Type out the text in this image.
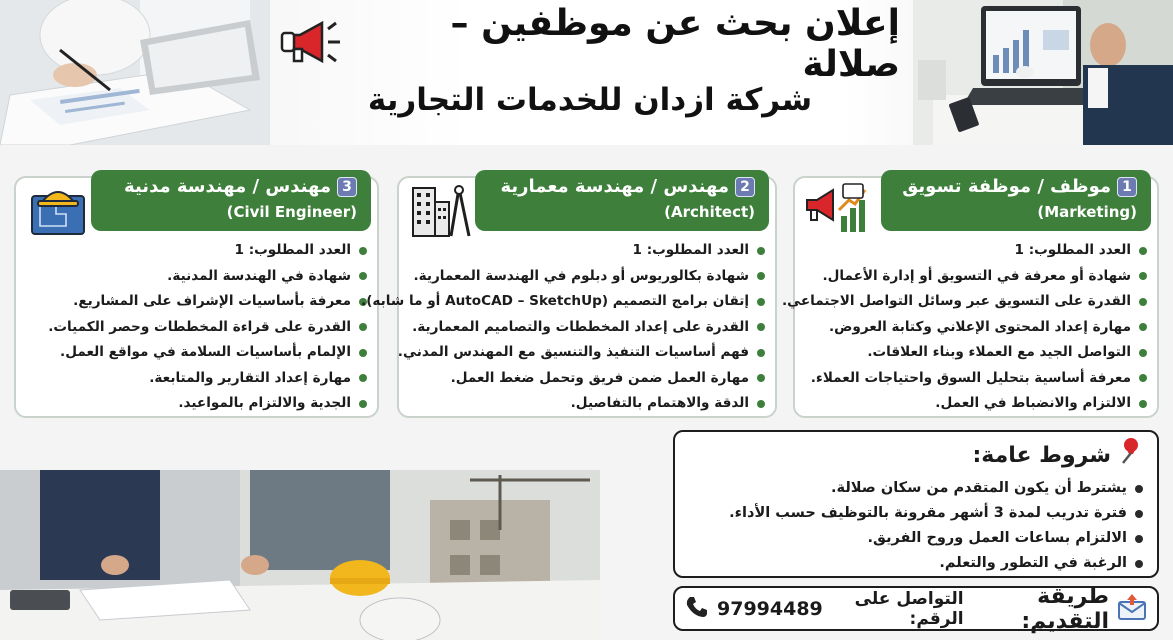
إعلان بحث عن موظفين – صلالة
شركة ازدان للخدمات التجارية
3
مهندس / مهندسة مدنية
(Civil Engineer)
العدد المطلوب: 1
شهادة في الهندسة المدنية.
معرفة بأساسيات الإشراف على المشاريع.
القدرة على قراءة المخططات وحصر الكميات.
الإلمام بأساسيات السلامة في مواقع العمل.
مهارة إعداد التقارير والمتابعة.
الجدية والالتزام بالمواعيد.
2
مهندس / مهندسة معمارية
(Architect)
العدد المطلوب: 1
شهادة بكالوريوس أو دبلوم في الهندسة المعمارية.
إتقان برامج التصميم (AutoCAD – SketchUp أو ما شابه).
القدرة على إعداد المخططات والتصاميم المعمارية.
فهم أساسيات التنفيذ والتنسيق مع المهندس المدني.
مهارة العمل ضمن فريق وتحمل ضغط العمل.
الدقة والاهتمام بالتفاصيل.
1
موظف / موظفة تسويق
(Marketing)
العدد المطلوب: 1
شهادة أو معرفة في التسويق أو إدارة الأعمال.
القدرة على التسويق عبر وسائل التواصل الاجتماعي.
مهارة إعداد المحتوى الإعلاني وكتابة العروض.
التواصل الجيد مع العملاء وبناء العلاقات.
معرفة أساسية بتحليل السوق واحتياجات العملاء.
الالتزام والانضباط في العمل.
شروط عامة:
يشترط أن يكون المتقدم من سكان صلالة.
فترة تدريب لمدة 3 أشهر مقرونة بالتوظيف حسب الأداء.
الالتزام بساعات العمل وروح الفريق.
الرغبة في التطور والتعلم.
طريقة التقديم:
التواصل على الرقم:
97994489
